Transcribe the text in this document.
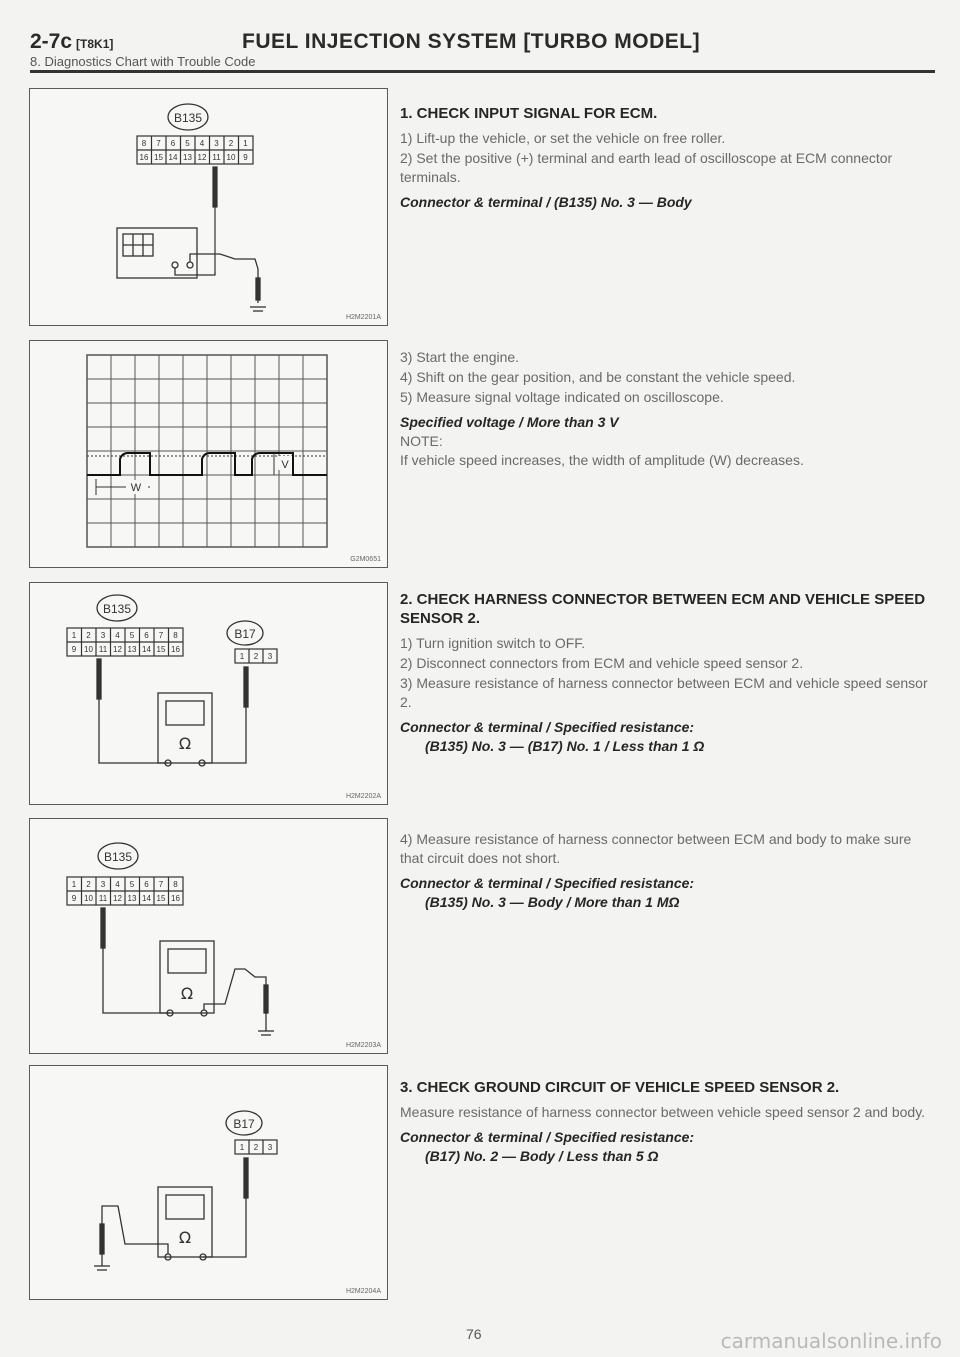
2-7c [T8K1]	FUEL INJECTION SYSTEM [TURBO MODEL]
8. Diagnostics Chart with Trouble Code
B135
8 7 6 5 4 3 2 1
16 15 14 13 12 11 10 9
H2M2201A
W
V
G2M0651
B135
B17
1 2 3 4 5 6 7 8
9 10 11 12 13 14 15 16
1 2 3
Ω
H2M2202A
B135
1 2 3 4 5 6 7 8
9 10 11 12 13 14 15 16
Ω
H2M2203A
B17
1 2 3
Ω
H2M2204A
1. CHECK INPUT SIGNAL FOR ECM.
1) Lift-up the vehicle, or set the vehicle on free roller.
2) Set the positive (+) terminal and earth lead of oscilloscope at ECM connector terminals.
Connector & terminal / (B135) No. 3 — Body
3) Start the engine.
4) Shift on the gear position, and be constant the vehicle speed.
5) Measure signal voltage indicated on oscilloscope.
Specified voltage / More than 3 V
NOTE:
If vehicle speed increases, the width of amplitude (W) decreases.
2. CHECK HARNESS CONNECTOR BETWEEN ECM AND VEHICLE SPEED SENSOR 2.
1) Turn ignition switch to OFF.
2) Disconnect connectors from ECM and vehicle speed sensor 2.
3) Measure resistance of harness connector between ECM and vehicle speed sensor 2.
Connector & terminal / Specified resistance:
(B135) No. 3 — (B17) No. 1 / Less than 1 Ω
4) Measure resistance of harness connector between ECM and body to make sure that circuit does not short.
Connector & terminal / Specified resistance:
(B135) No. 3 — Body / More than 1 MΩ
3. CHECK GROUND CIRCUIT OF VEHICLE SPEED SENSOR 2.
Measure resistance of harness connector between vehicle speed sensor 2 and body.
Connector & terminal / Specified resistance:
(B17) No. 2 — Body / Less than 5 Ω
76	carmanualsonline.info
